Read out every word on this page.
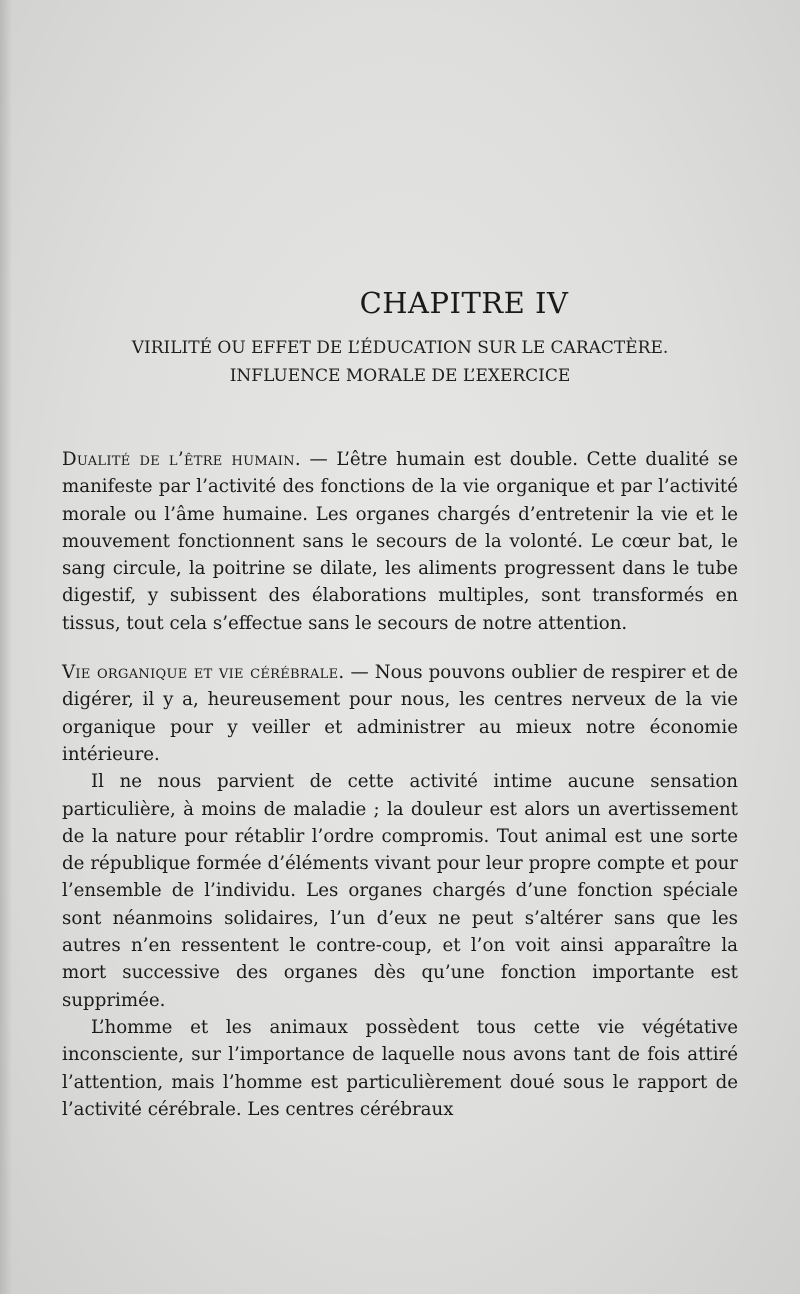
CHAPITRE IV
VIRILITÉ OU EFFET DE L’ÉDUCATION SUR LE CARACTÈRE.
INFLUENCE MORALE DE L’EXERCICE

Dualité de l’être humain. — L’être humain est double. Cette dualité se manifeste par l’activité des fonctions de la vie organique et par l’activité morale ou l’âme humaine. Les organes chargés d’entretenir la vie et le mouvement fonctionnent sans le secours de la volonté. Le cœur bat, le sang circule, la poitrine se dilate, les aliments progressent dans le tube digestif, y subissent des élaborations multiples, sont transformés en tissus, tout cela s’effectue sans le secours de notre attention.

Vie organique et vie cérébrale. — Nous pouvons oublier de respirer et de digérer, il y a, heureusement pour nous, les centres nerveux de la vie organique pour y veiller et administrer au mieux notre économie intérieure.

Il ne nous parvient de cette activité intime aucune sensation particulière, à moins de maladie ; la douleur est alors un avertissement de la nature pour rétablir l’ordre compromis. Tout animal est une sorte de république formée d’éléments vivant pour leur propre compte et pour l’ensemble de l’individu. Les organes chargés d’une fonction spéciale sont néanmoins solidaires, l’un d’eux ne peut s’altérer sans que les autres n’en ressentent le contre-coup, et l’on voit ainsi apparaître la mort successive des organes dès qu’une fonction importante est supprimée.

L’homme et les animaux possèdent tous cette vie végétative inconsciente, sur l’importance de laquelle nous avons tant de fois attiré l’attention, mais l’homme est particulièrement doué sous le rapport de l’activité cérébrale. Les centres cérébraux
